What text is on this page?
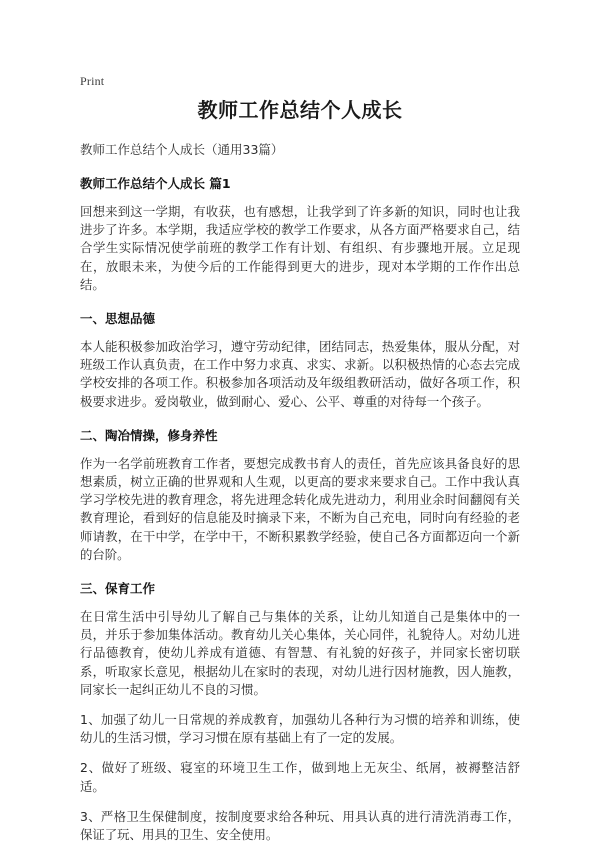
Print
教师工作总结个人成长

教师工作总结个人成长（通用33篇）

教师工作总结个人成长 篇1

回想来到这一学期，有收获，也有感想，让我学到了许多新的知识，同时也让我进步了许多。本学期，我适应学校的教学工作要求，从各方面严格要求自己，结合学生实际情况使学前班的教学工作有计划、有组织、有步骤地开展。立足现在，放眼未来，为使今后的工作能得到更大的进步，现对本学期的工作作出总结。

一、思想品德

本人能积极参加政治学习，遵守劳动纪律，团结同志，热爱集体，服从分配，对班级工作认真负责，在工作中努力求真、求实、求新。以积极热情的心态去完成学校安排的各项工作。积极参加各项活动及年级组教研活动，做好各项工作，积极要求进步。爱岗敬业，做到耐心、爱心、公平、尊重的对待每一个孩子。

二、陶冶情操，修身养性

作为一名学前班教育工作者，要想完成教书育人的责任，首先应该具备良好的思想素质，树立正确的世界观和人生观，以更高的要求来要求自己。工作中我认真学习学校先进的教育理念，将先进理念转化成先进动力，利用业余时间翻阅有关教育理论，看到好的信息能及时摘录下来，不断为自己充电，同时向有经验的老师请教，在干中学，在学中干，不断积累教学经验，使自己各方面都迈向一个新的台阶。

三、保育工作

在日常生活中引导幼儿了解自己与集体的关系，让幼儿知道自己是集体中的一员，并乐于参加集体活动。教育幼儿关心集体，关心同伴，礼貌待人。对幼儿进行品德教育，使幼儿养成有道德、有智慧、有礼貌的好孩子，并同家长密切联系，听取家长意见，根据幼儿在家时的表现，对幼儿进行因材施教，因人施教，同家长一起纠正幼儿不良的习惯。

1、加强了幼儿一日常规的养成教育，加强幼儿各种行为习惯的培养和训练，使幼儿的生活习惯，学习习惯在原有基础上有了一定的发展。

2、做好了班级、寝室的环境卫生工作，做到地上无灰尘、纸屑，被褥整洁舒适。

3、严格卫生保健制度，按制度要求给各种玩、用具认真的进行清洗消毒工作，保证了玩、用具的卫生、安全使用。
